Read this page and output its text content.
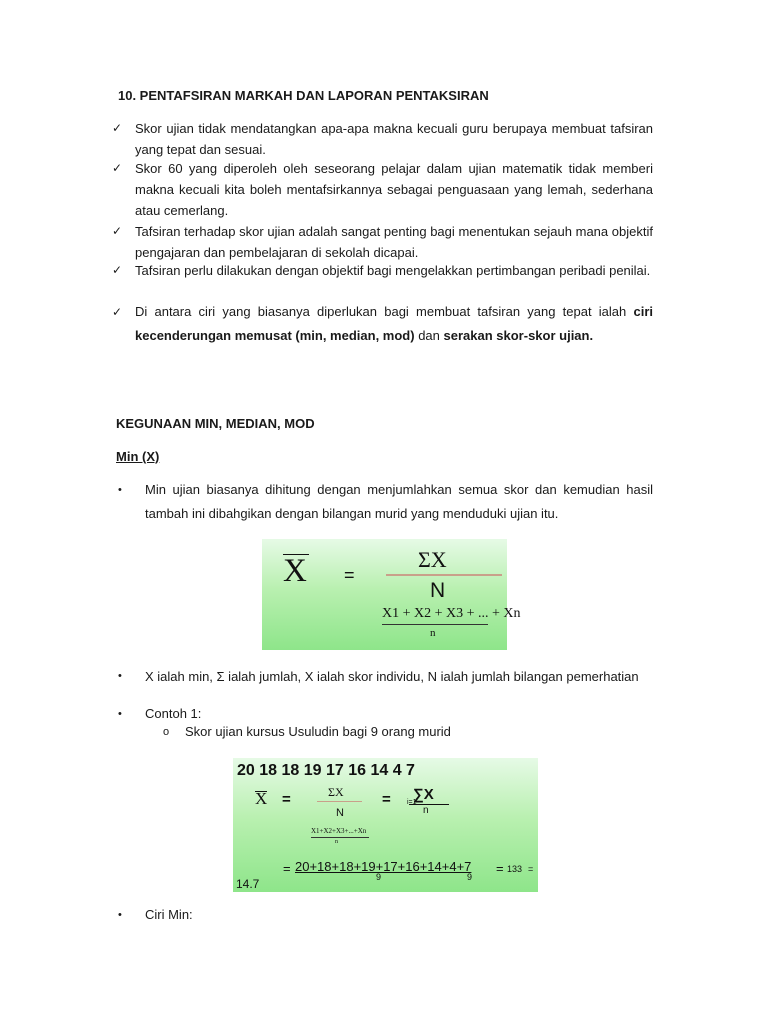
10. PENTAFSIRAN MARKAH DAN LAPORAN PENTAKSIRAN
✓ Skor ujian tidak mendatangkan apa-apa makna kecuali guru berupaya membuat tafsiran yang tepat dan sesuai.
✓ Skor 60 yang diperoleh oleh seseorang pelajar dalam ujian matematik tidak memberi makna kecuali kita boleh mentafsirkannya sebagai penguasaan yang lemah, sederhana atau cemerlang.
✓ Tafsiran terhadap skor ujian adalah sangat penting bagi menentukan sejauh mana objektif pengajaran dan pembelajaran di sekolah dicapai.
✓ Tafsiran perlu dilakukan dengan objektif bagi mengelakkan pertimbangan peribadi penilai.
✓ Di antara ciri yang biasanya diperlukan bagi membuat tafsiran yang tepat ialah ciri kecenderungan memusat (min, median, mod) dan serakan skor-skor ujian.
KEGUNAAN MIN, MEDIAN, MOD
Min (X)
• Min ujian biasanya dihitung dengan menjumlahkan semua skor dan kemudian hasil tambah ini dibahgikan dengan bilangan murid yang menduduki ujian itu.
X =
ΣX
N
X1 + X2 + X3 + ... + Xn
n
• X ialah min, Σ ialah jumlah, X ialah skor individu, N ialah jumlah bilangan pemerhatian
• Contoh 1:
o Skor ujian kursus Usuludin bagi 9 orang murid
20 18 18 19 17 16 14 4 7
X =	ΣX
N
= ∑X
i=1
n
X1+X2+X3+...+Xn
n
= 20+18+18+19+17+16+14+4+7 = 133 =
9	9
14.7
• Ciri Min:
